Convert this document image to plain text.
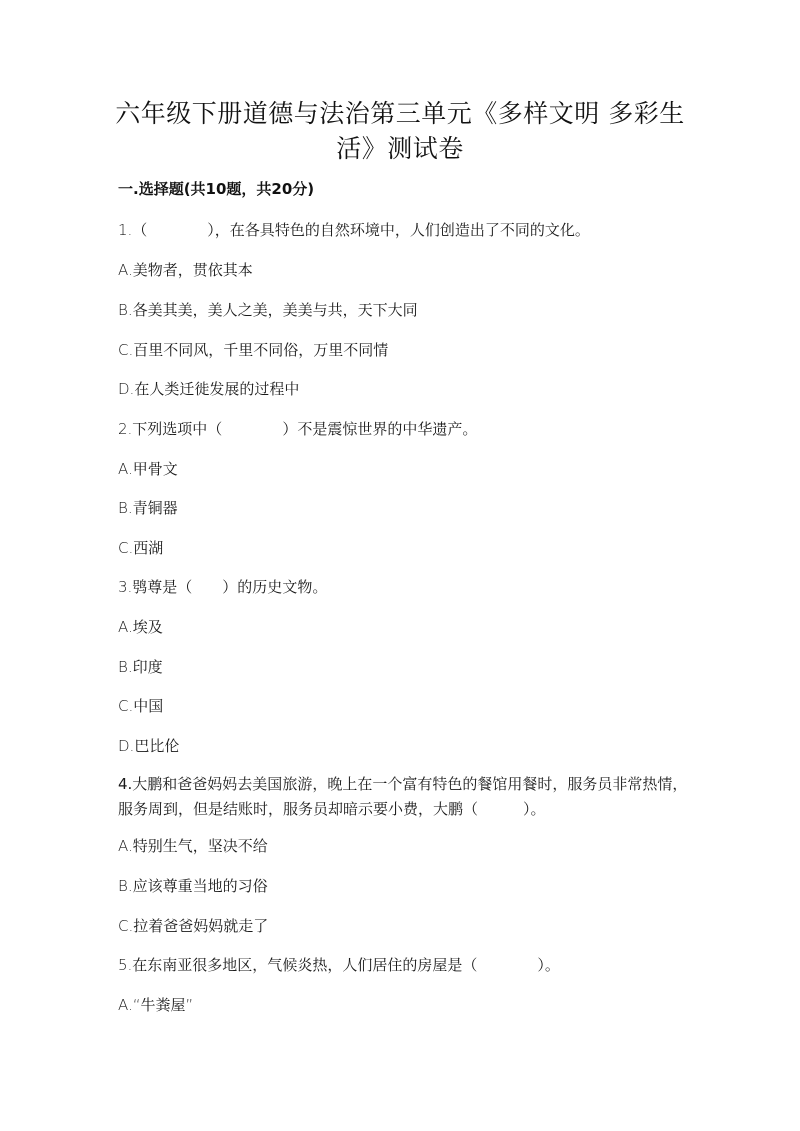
六年级下册道德与法治第三单元《多样文明 多彩生活》测试卷
一.选择题(共10题，共20分)
1.（　　　　），在各具特色的自然环境中，人们创造出了不同的文化。
A.美物者，贯依其本
B.各美其美，美人之美，美美与共，天下大同
C.百里不同风，千里不同俗，万里不同情
D.在人类迁徙发展的过程中
2.下列选项中（　　　　）不是震惊世界的中华遗产。
A.甲骨文
B.青铜器
C.西湖
3.鸮尊是（　　）的历史文物。
A.埃及
B.印度
C.中国
D.巴比伦
4.大鹏和爸爸妈妈去美国旅游，晚上在一个富有特色的餐馆用餐时，服务员非常热情，服务周到，但是结账时，服务员却暗示要小费，大鹏（　　　）。
A.特别生气，坚决不给
B.应该尊重当地的习俗
C.拉着爸爸妈妈就走了
5.在东南亚很多地区，气候炎热，人们居住的房屋是（　　　　）。
A.“牛粪屋”
